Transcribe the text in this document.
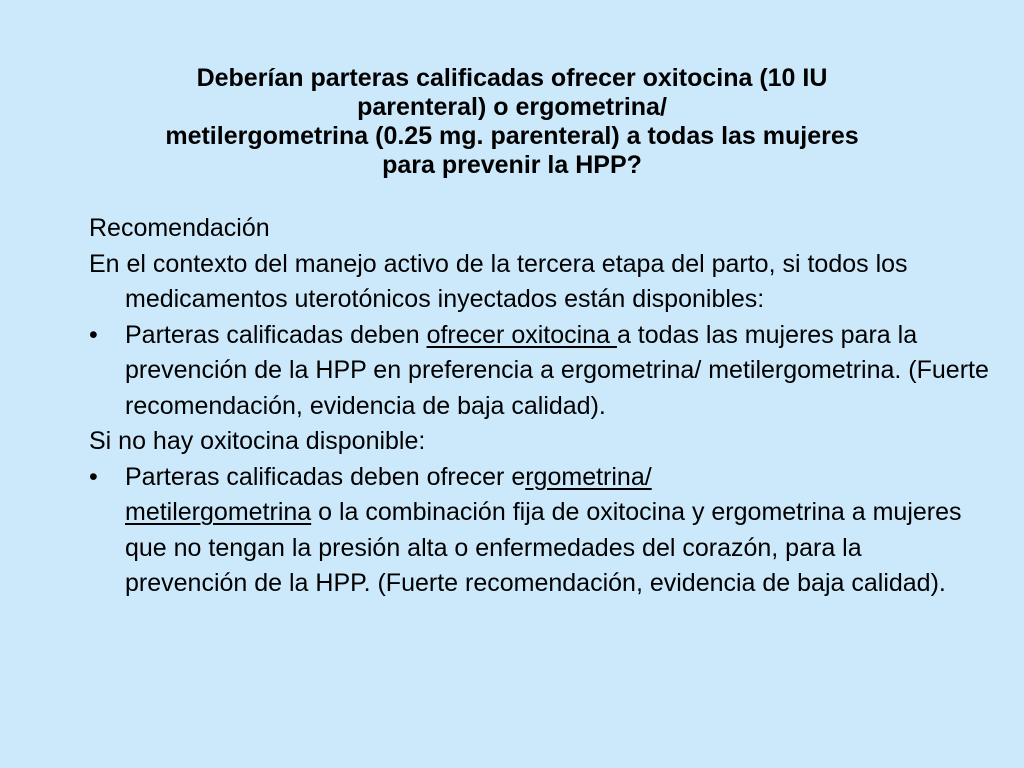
Deberían parteras calificadas ofrecer oxitocina (10 IU
parenteral) o ergometrina/
metilergometrina (0.25 mg. parenteral) a todas las mujeres
para prevenir la HPP?

Recomendación

En el contexto del manejo activo de la tercera etapa del parto, si todos los medicamentos uterotónicos inyectados están disponibles:

•	Parteras calificadas deben ofrecer oxitocina a todas las mujeres para la prevención de la HPP en preferencia a ergometrina/ metilergometrina. (Fuerte recomendación, evidencia de baja calidad).

Si no hay oxitocina disponible:

•	Parteras calificadas deben ofrecer ergometrina/
metilergometrina o la combinación fija de oxitocina y ergometrina a mujeres que no tengan la presión alta o enfermedades del corazón, para la prevención de la HPP. (Fuerte recomendación, evidencia de baja calidad).
